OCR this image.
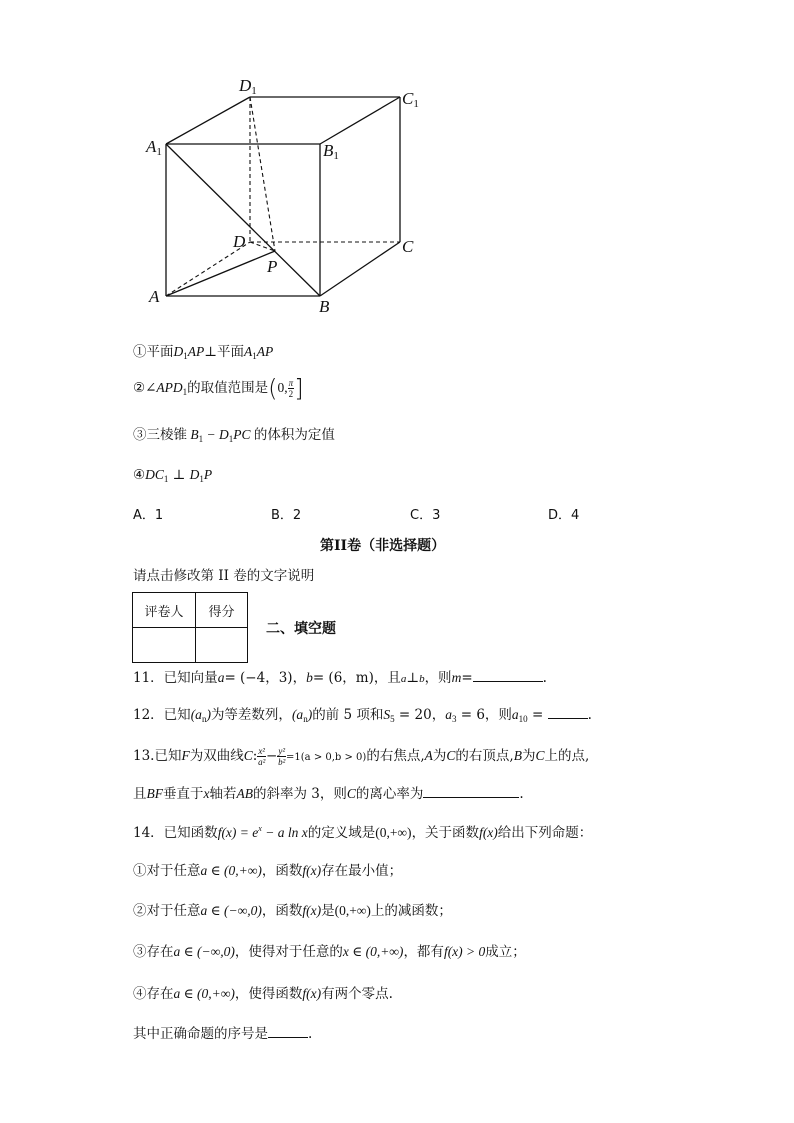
D1	C1
A1	B1
D	C
P
A
B
①平面$D_1AP\perp$平面$A_1AP$
$②\angle APD_1$的取值范围是(0, $\frac{\pi}{2}$ ]
③三棱锥 $B_1 - D_1PC$ 的体积为定值
$④DC_1$ ⊥ $D_1P$
A．1	B．2	C．3	D．4
第II卷（非选择题）
请点击修改第 II 卷的文字说明
评卷人	得分

二、填空题
11．已知向量a= (−4，3)，b= (6，m)，且a⊥b，则m=	.
12．已知$(a_n)$为等差数列，$(a_n)$的前 5 项和$S_5 = 20$，$a_3 = 6$，则$a_{10}$ =	.
13.已知F为双曲线C: $\frac{\text{x²}}{\text{a²}} - \frac{\text{y²}}{\text{b²}} =1(a > 0,b > 0)$的右焦点,A为C的右顶点,B为C上的点,
且BF垂直于x轴若AB的斜率为 3，则C的离心率为	.
14．已知函数$f(x) = e^x - a$ ln x的定义域是(0,+∞)，关于函数f(x)给出下列命题：
①对于任意a ∈ (0,+∞)，函数f(x)存在最小值；
②对于任意a ∈ (−∞,0)，函数f(x)是(0,+∞)上的减函数；
③存在a ∈ (−∞,0)，使得对于任意的x ∈ (0,+∞)，都有f(x) > 0成立；
④存在a ∈ (0,+∞)，使得函数f(x)有两个零点.
其中正确命题的序号是	.
